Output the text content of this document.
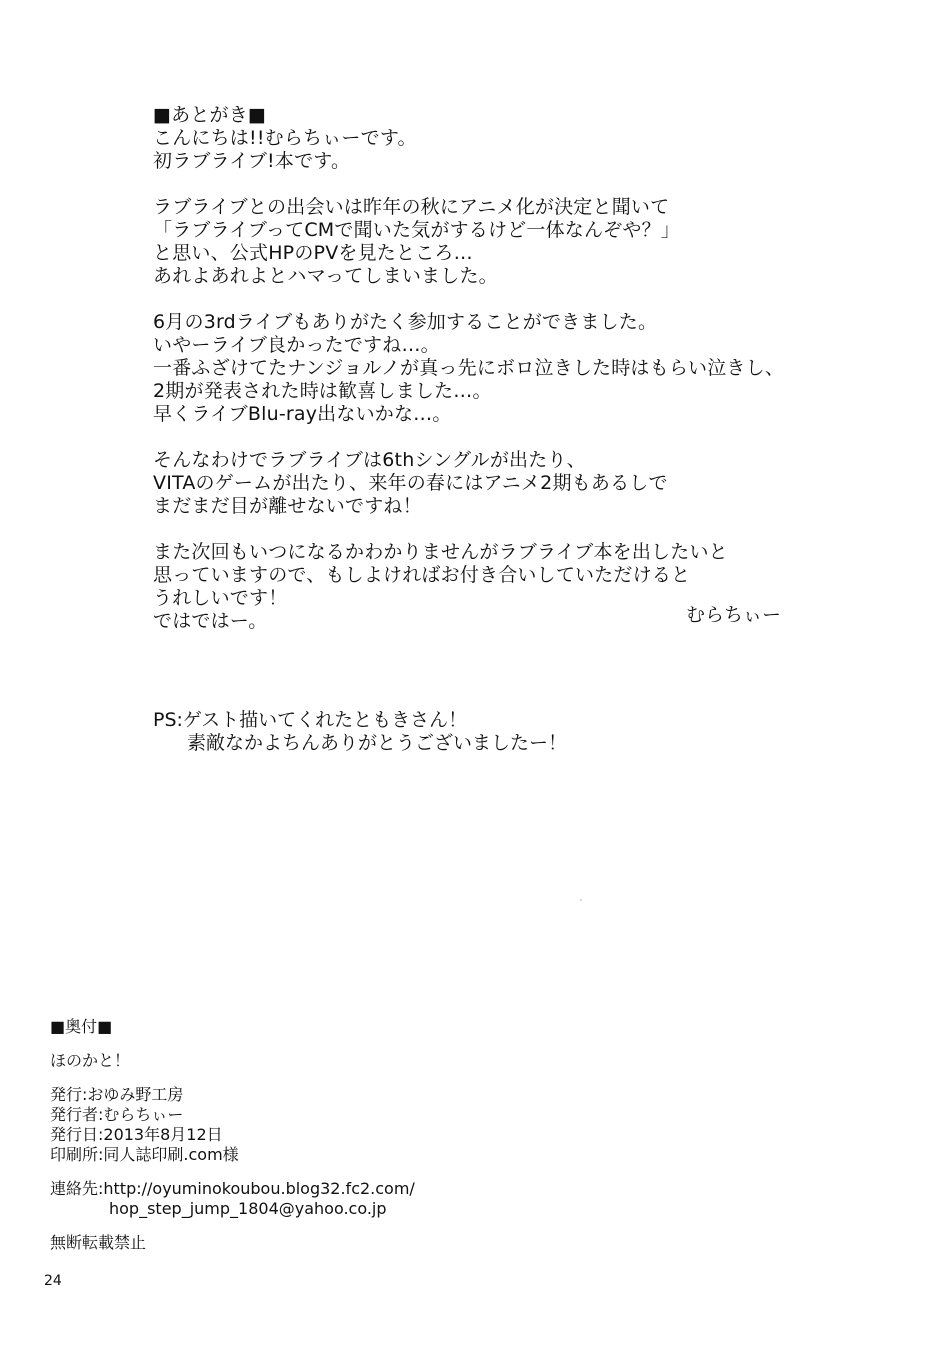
■あとがき■
こんにちは!!むらちぃーです。
初ラブライブ!本です。
ラブライブとの出会いは昨年の秋にアニメ化が決定と聞いて
「ラブライブってCMで聞いた気がするけど一体なんぞや？」
と思い、公式HPのPVを見たところ…
あれよあれよとハマってしまいました。
6月の3rdライブもありがたく参加することができました。
いやーライブ良かったですね…。
一番ふざけてたナンジョルノが真っ先にボロ泣きした時はもらい泣きし、
2期が発表された時は歓喜しました…。
早くライブBlu-ray出ないかな…。
そんなわけでラブライブは6thシングルが出たり、
VITAのゲームが出たり、来年の春にはアニメ2期もあるしで
まだまだ目が離せないですね！
また次回もいつになるかわかりませんがラブライブ本を出したいと
思っていますので、もしよければお付き合いしていただけると
うれしいです！
ではではー。	むらちぃー
PS:ゲスト描いてくれたともきさん！
素敵なかよちんありがとうございましたー！
■奥付■
ほのかと！
発行:おゆみ野工房
発行者:むらちぃー
発行日:2013年8月12日
印刷所:同人誌印刷.com様
連絡先:http://oyuminokoubou.blog32.fc2.com/
hop_step_jump_1804@yahoo.co.jp
無断転載禁止
24
